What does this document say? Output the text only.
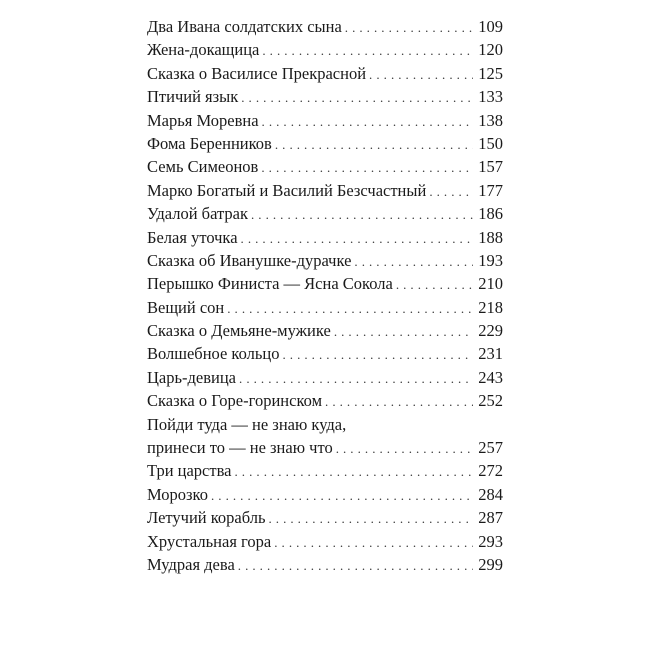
Два Ивана солдатских сына . . .	109
Жена-докащица . . .	120
Сказка о Василисе Прекрасной . . .	125
Птичий язык . . .	133
Марья Моревна . . .	138
Фома Беренников . . .	150
Семь Симеонов . . .	157
Марко Богатый и Василий Безсчастный . . .	177
Удалой батрак . . .	186
Белая уточка . . .	188
Сказка об Иванушке-дурачке . . .	193
Перышко Финиста — Ясна Сокола . . .	210
Вещий сон . . .	218
Сказка о Демьяне-мужике . . .	229
Волшебное кольцо . . .	231
Царь-девица . . .	243
Сказка о Горе-горинском . . .	252
Пойди туда — не знаю куда,
принеси то — не знаю что . . .	257
Три царства . . .	272
Морозко . . .	284
Летучий корабль . . .	287
Хрустальная гора . . .	293
Мудрая дева . . .	299
